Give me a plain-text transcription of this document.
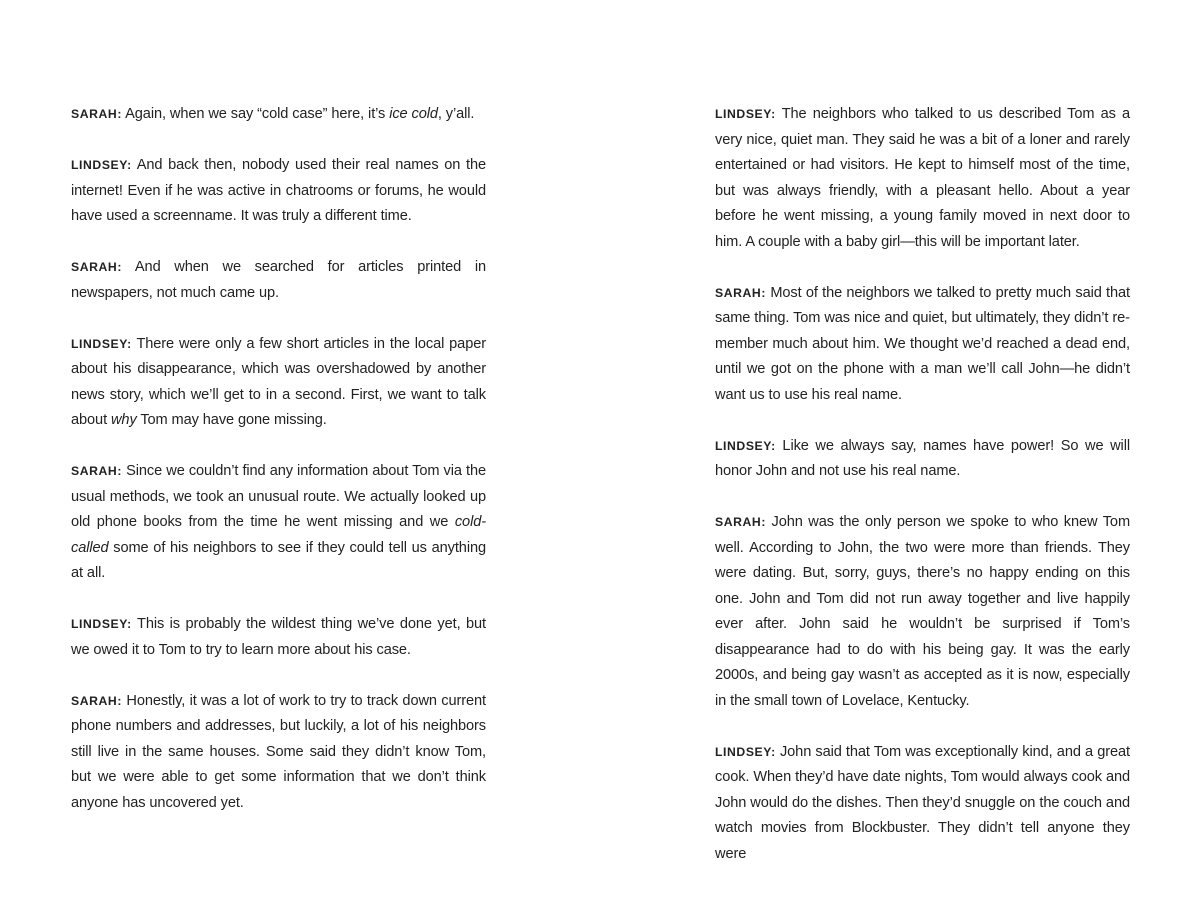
SARAH: Again, when we say “cold case” here, it’s ice cold, y’all.

LINDSEY: And back then, nobody used their real names on the internet! Even if he was active in chatrooms or forums, he would have used a screenname. It was truly a different time.

SARAH: And when we searched for articles printed in newspapers, not much came up.

LINDSEY: There were only a few short articles in the local paper about his disappearance, which was overshadowed by another news story, which we’ll get to in a second. First, we want to talk about why Tom may have gone missing.

SARAH: Since we couldn’t find any information about Tom via the usual methods, we took an unusual route. We actually looked up old phone books from the time he went missing and we cold-called some of his neighbors to see if they could tell us anything at all.

LINDSEY: This is probably the wildest thing we’ve done yet, but we owed it to Tom to try to learn more about his case.

SARAH: Honestly, it was a lot of work to try to track down current phone numbers and addresses, but luckily, a lot of his neighbors still live in the same houses. Some said they didn’t know Tom, but we were able to get some information that we don’t think anyone has uncovered yet.

LINDSEY: The neighbors who talked to us described Tom as a very nice, quiet man. They said he was a bit of a loner and rarely entertained or had visitors. He kept to himself most of the time, but was always friendly, with a pleasant hello. About a year before he went missing, a young family moved in next door to him. A couple with a baby girl—this will be important later.

SARAH: Most of the neighbors we talked to pretty much said that same thing. Tom was nice and quiet, but ultimately, they didn’t remember much about him. We thought we’d reached a dead end, until we got on the phone with a man we’ll call John—he didn’t want us to use his real name.

LINDSEY: Like we always say, names have power! So we will honor John and not use his real name.

SARAH: John was the only person we spoke to who knew Tom well. According to John, the two were more than friends. They were dating. But, sorry, guys, there’s no happy ending on this one. John and Tom did not run away together and live happily ever after. John said he wouldn’t be surprised if Tom’s disappearance had to do with his being gay. It was the early 2000s, and being gay wasn’t as accepted as it is now, especially in the small town of Lovelace, Kentucky.

LINDSEY: John said that Tom was exceptionally kind, and a great cook. When they’d have date nights, Tom would always cook and John would do the dishes. Then they’d snuggle on the couch and watch movies from Blockbuster. They didn’t tell anyone they were
